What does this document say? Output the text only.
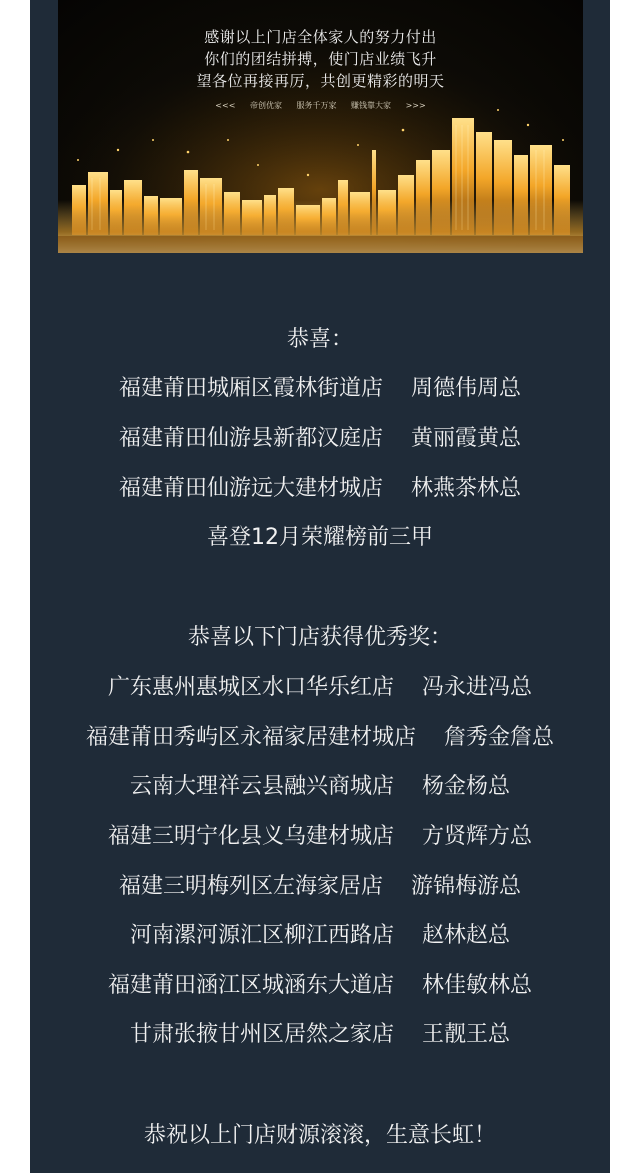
感谢以上门店全体家人的努力付出
你们的团结拼搏，使门店业绩飞升
望各位再接再厉，共创更精彩的明天
<<< 帝创优家 服务千万家 赚钱靠大家 >>>
恭喜：
福建莆田城厢区霞林街道店 周德伟周总
福建莆田仙游县新都汉庭店 黄丽霞黄总
福建莆田仙游远大建材城店 林燕茶林总
喜登12月荣耀榜前三甲
恭喜以下门店获得优秀奖：
广东惠州惠城区水口华乐红店 冯永进冯总
福建莆田秀屿区永福家居建材城店 詹秀金詹总
云南大理祥云县融兴商城店 杨金杨总
福建三明宁化县义乌建材城店 方贤辉方总
福建三明梅列区左海家居店 游锦梅游总
河南漯河源汇区柳江西路店 赵林赵总
福建莆田涵江区城涵东大道店 林佳敏林总
甘肃张掖甘州区居然之家店 王靓王总
恭祝以上门店财源滚滚，生意长虹！
